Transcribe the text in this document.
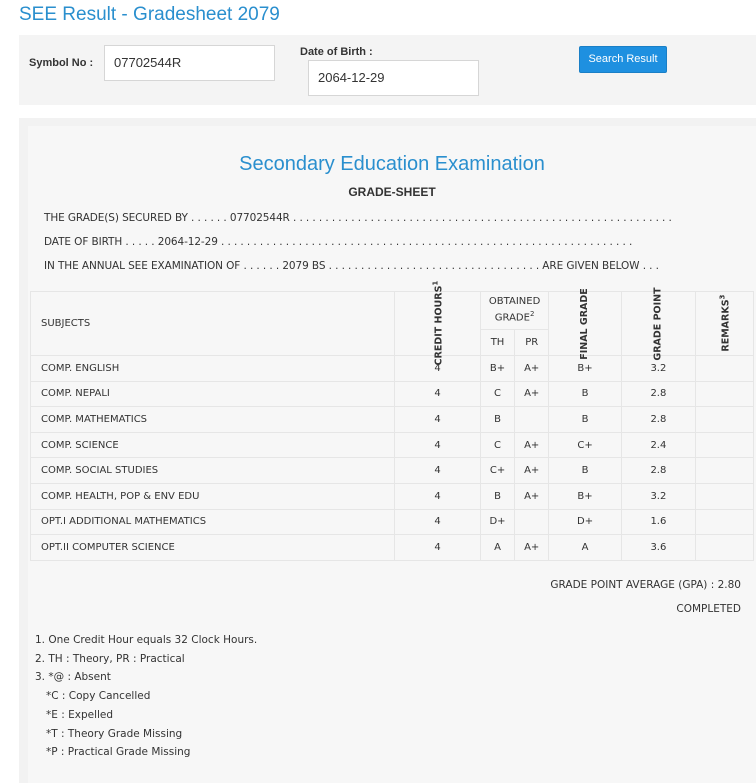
SEE Result - Gradesheet 2079
Symbol No :	07702544R
Date of Birth :
2064-12-29
Search Result
Secondary Education Examination
GRADE-SHEET
THE GRADE(S) SECURED BY . . . . . . 07702544R . . . . . . . . . . . . . . . . . . . . . . . . . . . . . . . . . . . . . . . . . . . . . . . . . . . . . . . . . . .
DATE OF BIRTH . . . . . 2064-12-29 . . . . . . . . . . . . . . . . . . . . . . . . . . . . . . . . . . . . . . . . . . . . . . . . . . . . . . . . . . . . . . . .
IN THE ANNUAL SEE EXAMINATION OF . . . . . . 2079 BS . . . . . . . . . . . . . . . . . . . . . . . . . . . . . . . . . ARE GIVEN BELOW . . .
SUBJECTS	CREDIT HOURS$^1$	OBTAINED GRADE$^2$		FINAL GRADE	GRADE POINT	REMARKS$^3$
		TH	PR			
COMP. ENGLISH	4	B+	A+	B+	3.2	
COMP. NEPALI	4	C	A+	B	2.8	
COMP. MATHEMATICS	4	B		B	2.8	
COMP. SCIENCE	4	C	A+	C+	2.4	
COMP. SOCIAL STUDIES	4	C+	A+	B	2.8	
COMP. HEALTH, POP & ENV EDU	4	B	A+	B+	3.2	
OPT.I ADDITIONAL MATHEMATICS	4	D+		D+	1.6	
OPT.II COMPUTER SCIENCE	4	A	A+	A	3.6	
GRADE POINT AVERAGE (GPA) : 2.80
COMPLETED
1. One Credit Hour equals 32 Clock Hours.
2. TH : Theory, PR : Practical
3. *@ : Absent
*C : Copy Cancelled
*E : Expelled
*T : Theory Grade Missing
*P : Practical Grade Missing
